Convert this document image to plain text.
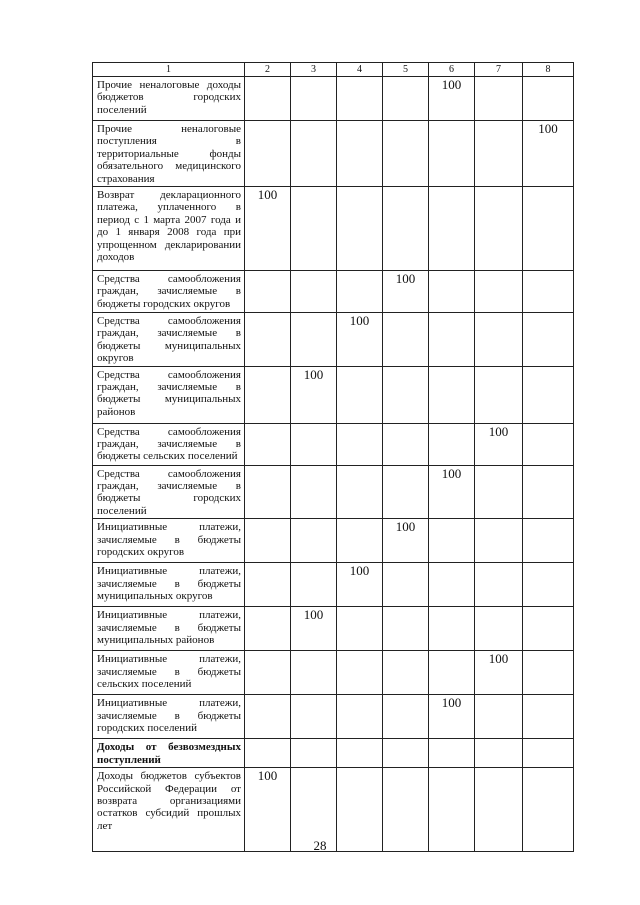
1	2	3	4	5	6	7	8
Прочие неналоговые доходы бюджетов городских поселений					100		
Прочие неналоговые поступления в территориальные фонды обязательного медицинского страхования							100
Возврат декларационного платежа, уплаченного в период с 1 марта 2007 года и до 1 января 2008 года при упрощенном декларировании доходов	100						
Средства самообложения граждан, зачисляемые в бюджеты городских округов				100			
Средства самообложения граждан, зачисляемые в бюджеты муниципальных округов			100				
Средства самообложения граждан, зачисляемые в бюджеты муниципальных районов		100					
Средства самообложения граждан, зачисляемые в бюджеты сельских поселений						100	
Средства самообложения граждан, зачисляемые в бюджеты городских поселений					100		
Инициативные платежи, зачисляемые в бюджеты городских округов				100			
Инициативные платежи, зачисляемые в бюджеты муниципальных округов			100				
Инициативные платежи, зачисляемые в бюджеты муниципальных районов		100					
Инициативные платежи, зачисляемые в бюджеты сельских поселений						100	
Инициативные платежи, зачисляемые в бюджеты городских поселений					100		
Доходы от безвозмездных поступлений							
Доходы бюджетов субъектов Российской Федерации от возврата организациями остатков субсидий прошлых лет	100						
28
